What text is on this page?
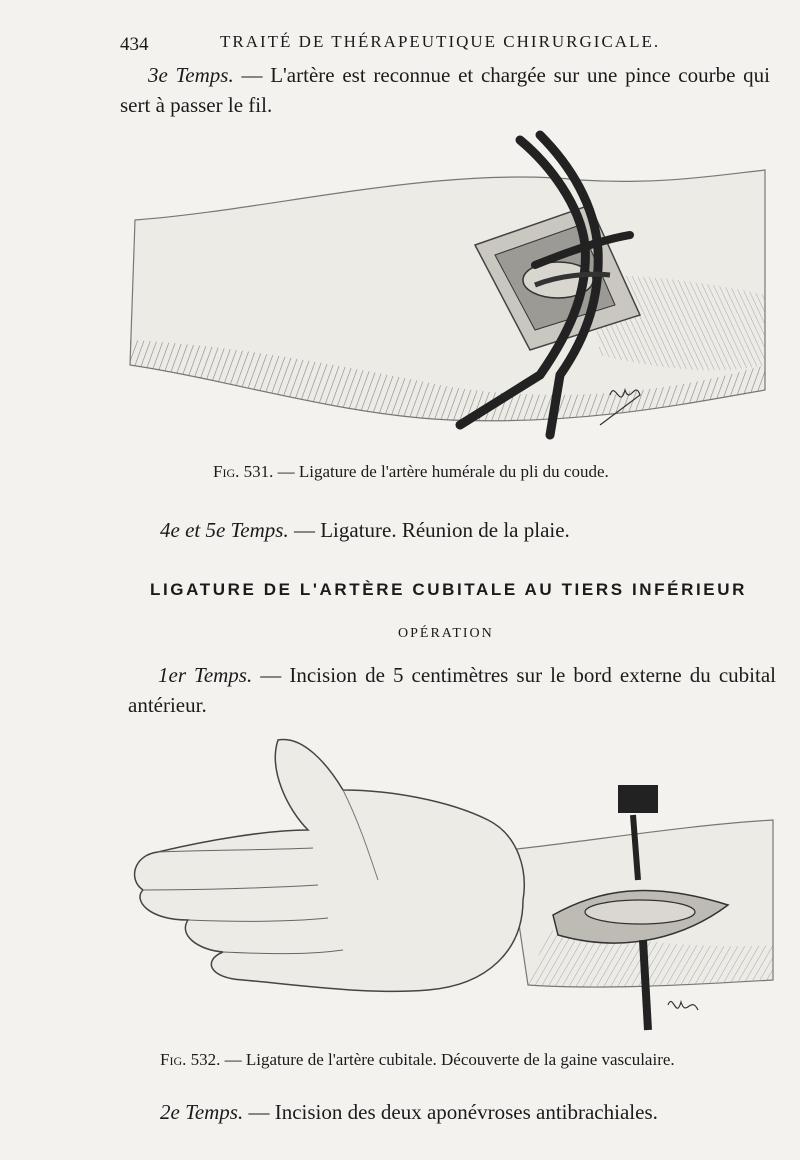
434	TRAITÉ DE THÉRAPEUTIQUE CHIRURGICALE.

3e Temps. — L'artère est reconnue et chargée sur une pince courbe qui sert à passer le fil.

Fig. 531. — Ligature de l'artère humérale du pli du coude.

4e et 5e Temps. — Ligature. Réunion de la plaie.

LIGATURE DE L'ARTÈRE CUBITALE AU TIERS INFÉRIEUR
OPÉRATION

1er Temps. — Incision de 5 centimètres sur le bord externe du cubital antérieur.

Fig. 532. — Ligature de l'artère cubitale. Découverte de la gaine vasculaire.

2e Temps. — Incision des deux aponévroses antibrachiales.
